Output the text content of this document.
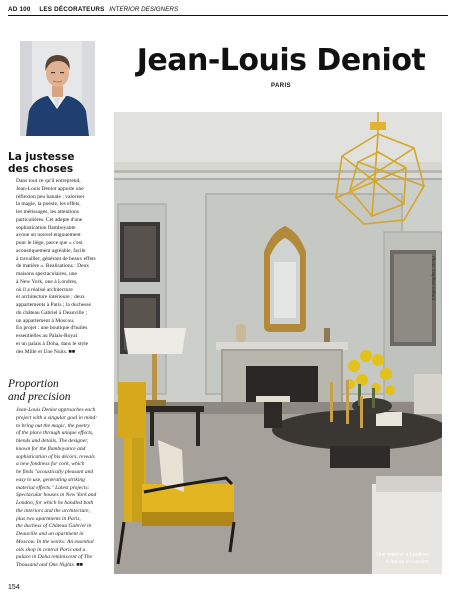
AD 100 LES DÉCORATEURS INTERIOR DESIGNERS
Jean-Louis Deniot
PARIS
La justesse
des choses
Dans tout ce qu'il entreprend,
Jean-Louis Deniot apporte une
réflexion peu banale : valoriser
la magie, la poésie, les effets,
les métissages, les attentions
particulières. Cet adepte d'une
sophistication flamboyante
avoue un nouvel engouement
pour le liège, parce que « c'est
acoustiquement agréable, facile
à travailler, générant de beaux effets
de matière ». Réalisations : Deux
maisons spectaculaires, une
à New York, une à Londres,
où il a réalisé architecture
et architecture intérieure ; deux
appartements à Paris ; la duchesse
du château Gabriel à Deauville ;
un appartement à Moscou.
En projet : une boutique d'huiles
essentielles au Palais-Royal
et un palais à Doha, dans le style
des Mille et Une Nuits. ■■
Proportion
and precision
Jean-Louis Deniot approaches each
project with a singular goal in mind:
to bring out the magic, the poetry
of the place through unique effects,
blends and details. The designer,
known for the flamboyance and
sophistication of his décors, reveals
a new fondness for cork, which
he finds "acoustically pleasant and
easy to use, generating striking
material effects." Latest projects:
Spectacular houses in New York and
London, for which he handled both
the interiors and the architecture,
plus two apartments in Paris,
the duchess of Château Gabriel in
Deauville and an apartment in
Moscow. In the works: An essential
oils shop in central Paris and a
palace in Doha reminiscent of The
Thousand and One Nights. ■■
Photo Stephan Julliard
Une maison à Londres.
A house in London.
154
